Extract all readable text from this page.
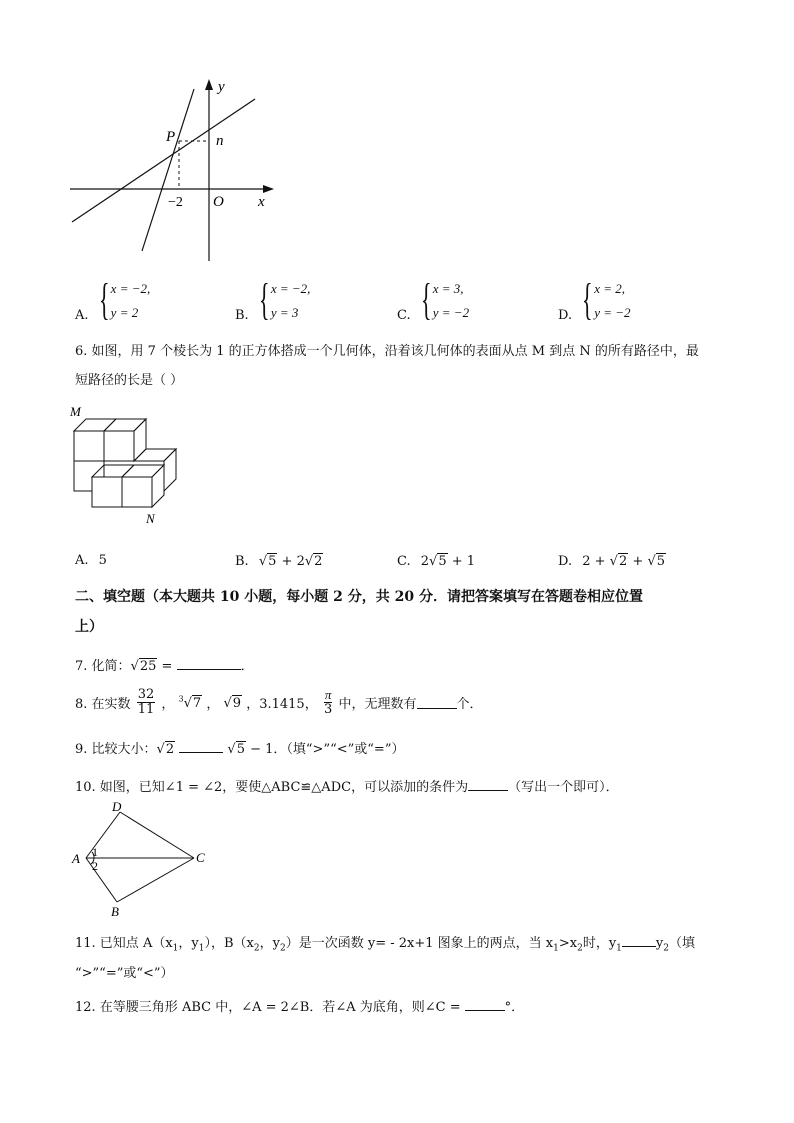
y
x
P	n
−2 O
A. { x = −2,
y = 2	B. { x = −2,
y = 3	C. { x = 3,
y = −2	D. { x = 2,
y = −2
6. 如图，用 7 个棱长为 1 的正方体搭成一个几何体，沿着该几何体的表面从点 M 到点 N 的所有路径中，最
短路径的长是（ ）
M
N
A. 5	B. √5 + 2√2	C. 2√5 + 1	D. 2 + √2 + √5
二、填空题（本大题共 10 小题，每小题 2 分，共 20 分．请把答案填写在答题卷相应位置
上）
7. 化简：√25 =	．
8. 在实数 $\frac{32}{11}$ ， $^3$√7 ， √9 ，3.1415， $\frac{\pi}{3}$ 中，无理数有	个．
9. 比较大小：√2	√5 − 1．（填“>”“<”或“=”）
10. 如图，已知∠1 = ∠2，要使△ABC≌△ADC，可以添加的条件为	（写出一个即可）．
D
A	C
B
1
2
11. 已知点 $A(x_1$，$y_1$），$B(x_2$，$y_2$）是一次函数 y= - 2x+1 图象上的两点，当 $x_1>x_2$时，$y_1$	$y_2$（填
“>”“=”或“<”）
12. 在等腰三角形 ABC 中，∠A = 2∠B．若∠A 为底角，则∠C =	°．
